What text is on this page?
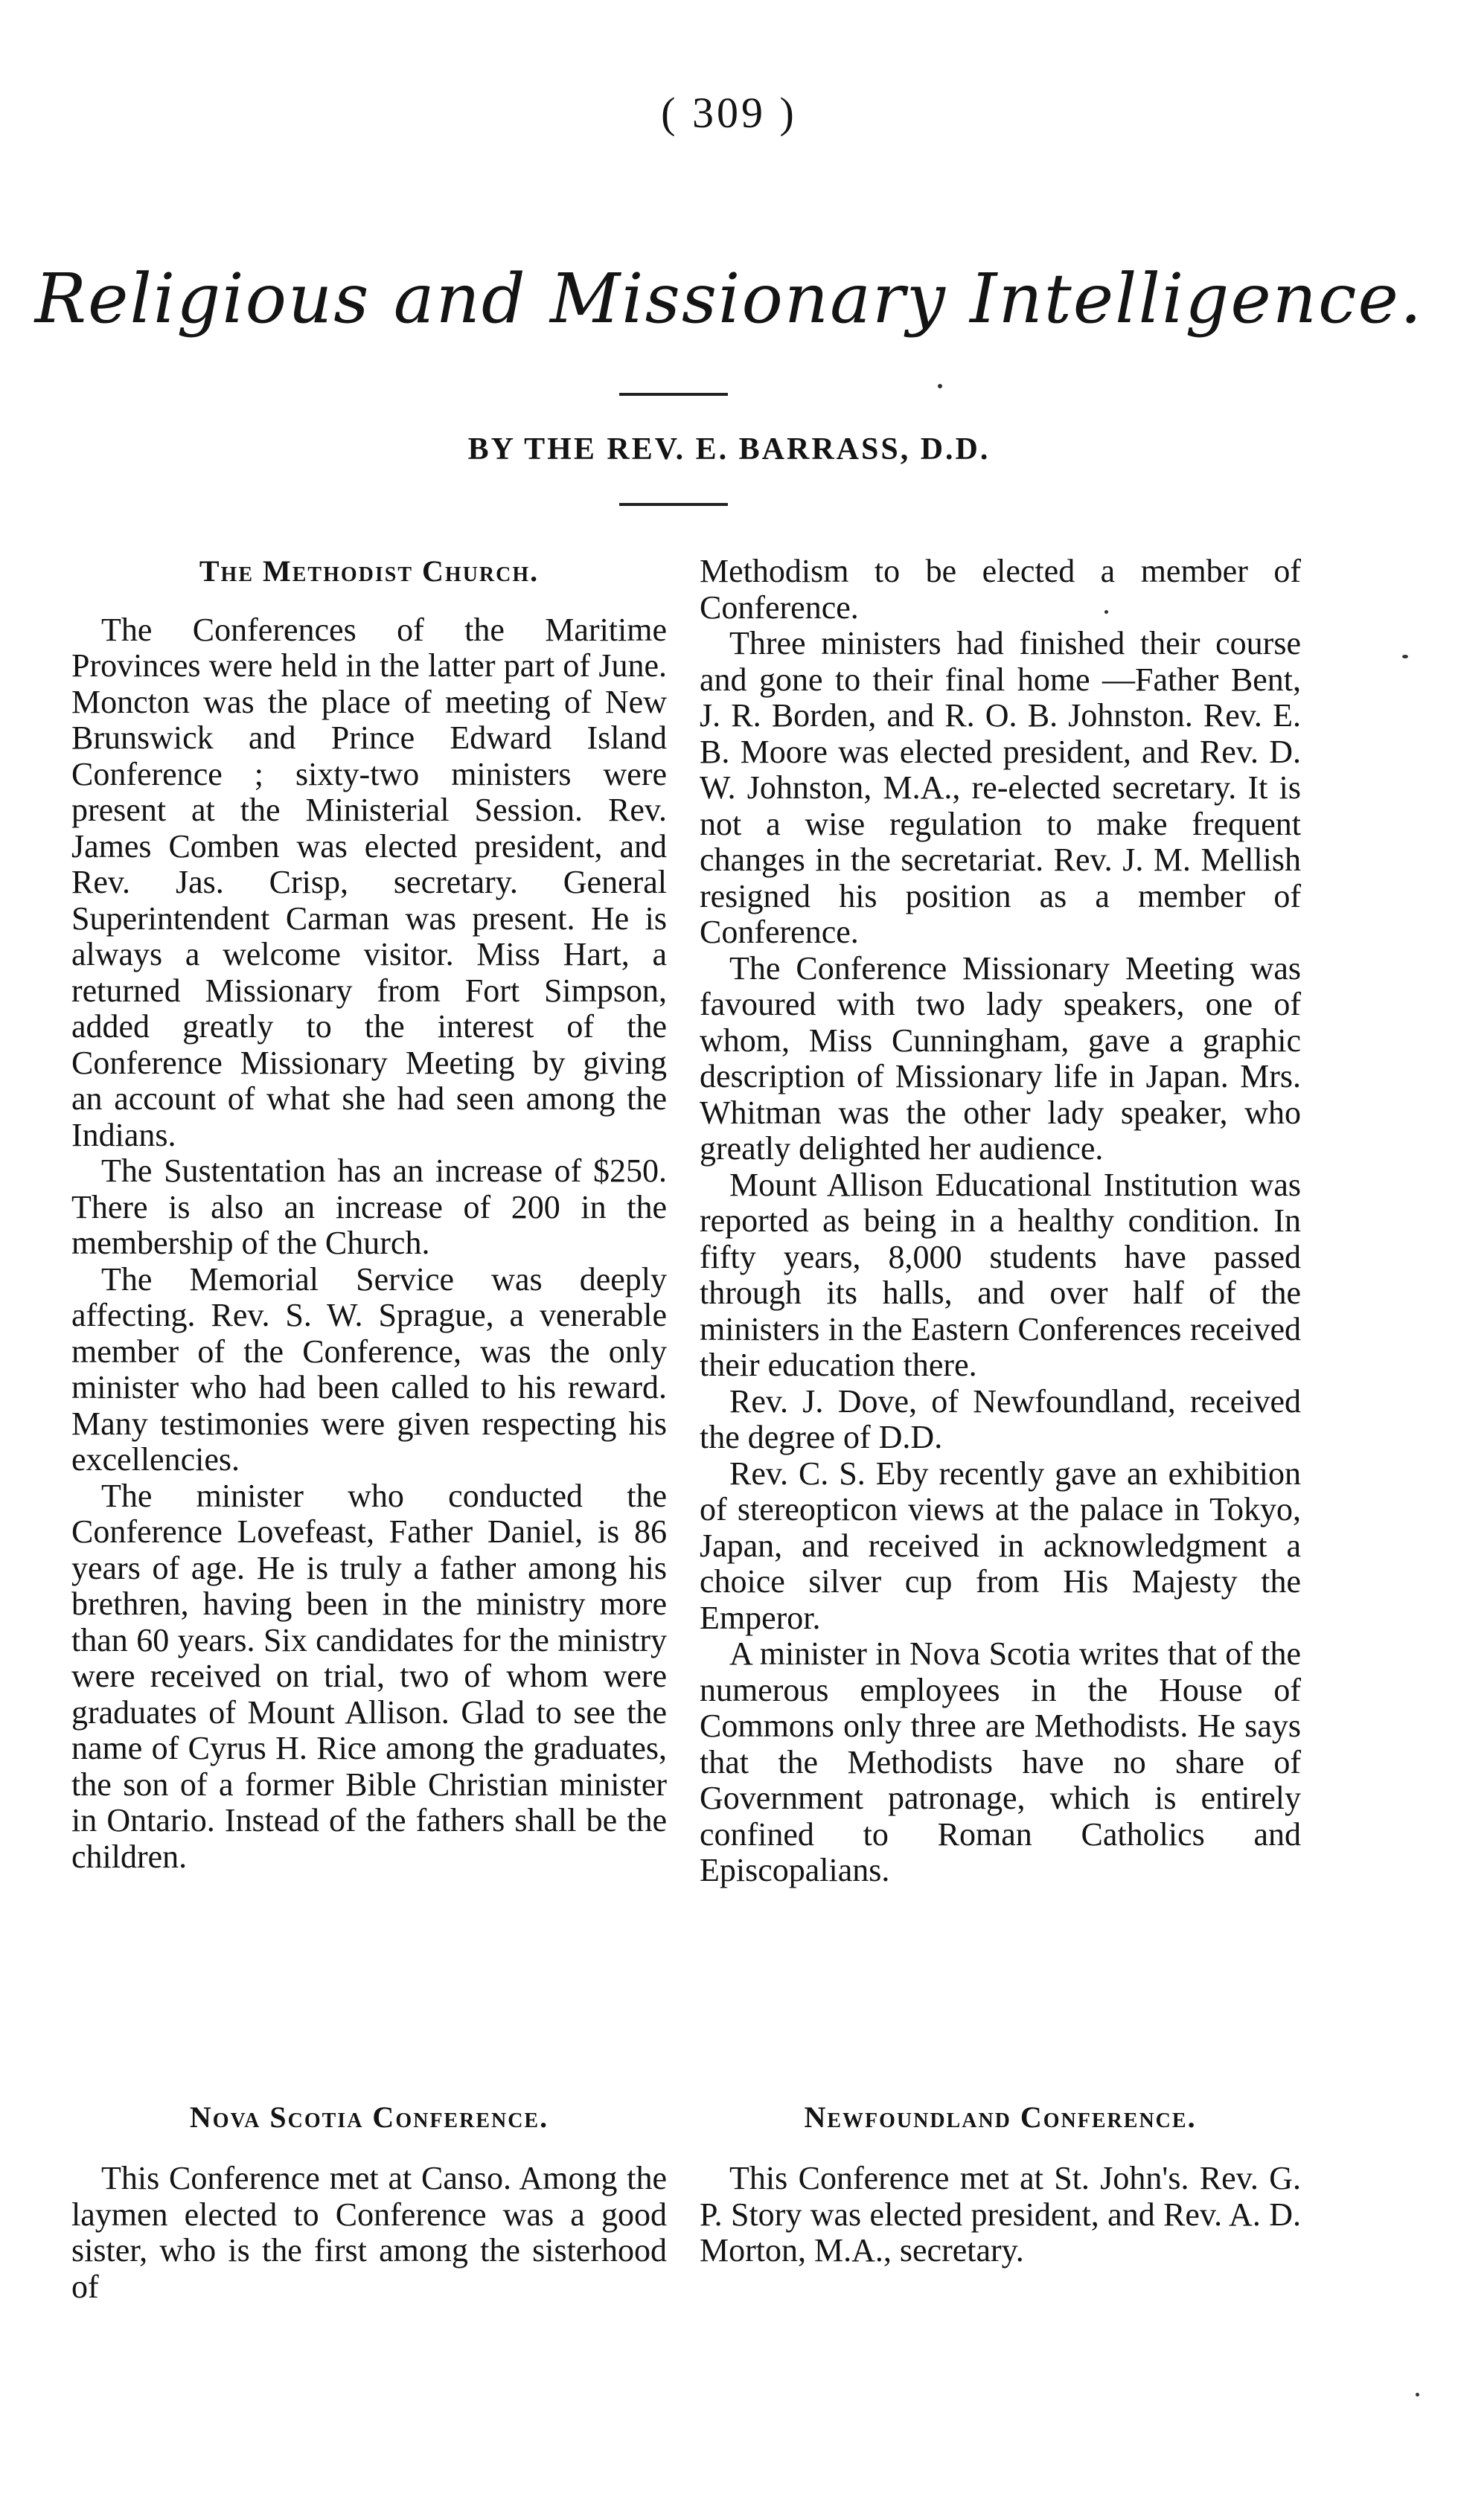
( 309 )
Religious and Missionary Intelligence.
BY THE REV. E. BARRASS, D.D.
The Methodist Church.

The Conferences of the Maritime Provinces were held in the latter part of June. Moncton was the place of meeting of New Brunswick and Prince Edward Island Conference ; sixty-two ministers were present at the Ministerial Session. Rev. James Comben was elected president, and Rev. Jas. Crisp, secretary. General Superintendent Carman was present. He is always a welcome visitor. Miss Hart, a returned Missionary from Fort Simpson, added greatly to the interest of the Conference Missionary Meeting by giving an account of what she had seen among the Indians.

The Sustentation has an increase of $250. There is also an increase of 200 in the membership of the Church.

The Memorial Service was deeply affecting. Rev. S. W. Sprague, a venerable member of the Conference, was the only minister who had been called to his reward. Many testimonies were given respecting his excellencies.

The minister who conducted the Conference Lovefeast, Father Daniel, is 86 years of age. He is truly a father among his brethren, having been in the ministry more than 60 years. Six candidates for the ministry were received on trial, two of whom were graduates of Mount Allison. Glad to see the name of Cyrus H. Rice among the graduates, the son of a former Bible Christian minister in Ontario. Instead of the fathers shall be the children.

Methodism to be elected a member of Conference.

Three ministers had finished their course and gone to their final home —Father Bent, J. R. Borden, and R. O. B. Johnston. Rev. E. B. Moore was elected president, and Rev. D. W. Johnston, M.A., re-elected secretary. It is not a wise regulation to make frequent changes in the secretariat. Rev. J. M. Mellish resigned his position as a member of Conference.

The Conference Missionary Meeting was favoured with two lady speakers, one of whom, Miss Cunningham, gave a graphic description of Missionary life in Japan. Mrs. Whitman was the other lady speaker, who greatly delighted her audience.

Mount Allison Educational Institution was reported as being in a healthy condition. In fifty years, 8,000 students have passed through its halls, and over half of the ministers in the Eastern Conferences received their education there.

Rev. J. Dove, of Newfoundland, received the degree of D.D.

Rev. C. S. Eby recently gave an exhibition of stereopticon views at the palace in Tokyo, Japan, and received in acknowledgment a choice silver cup from His Majesty the Emperor.

A minister in Nova Scotia writes that of the numerous employees in the House of Commons only three are Methodists. He says that the Methodists have no share of Government patronage, which is entirely confined to Roman Catholics and Episcopalians.

Nova Scotia Conference.

This Conference met at Canso. Among the laymen elected to Conference was a good sister, who is the first among the sisterhood of

Newfoundland Conference.

This Conference met at St. John's. Rev. G. P. Story was elected president, and Rev. A. D. Morton, M.A., secretary.
